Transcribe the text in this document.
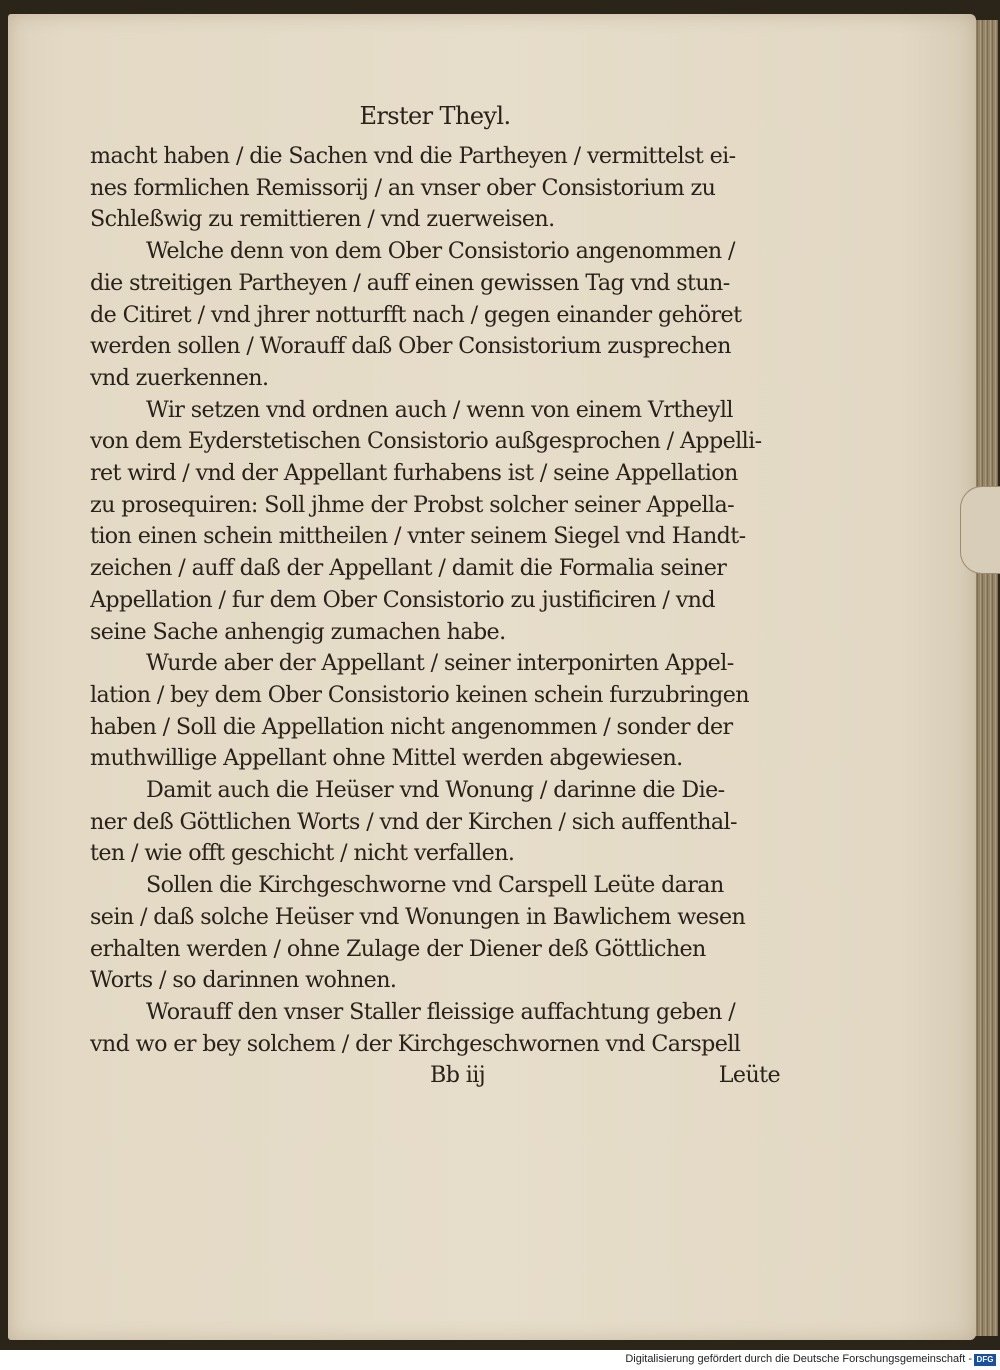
Erster Theyl.
macht haben / die Sachen vnd die Partheyen / vermittelst ei-
nes formlichen Remissorij / an vnser ober Consistorium zu
Schleßwig zu remittieren / vnd zuerweisen.
Welche denn von dem Ober Consistorio angenommen /
die streitigen Partheyen / auff einen gewissen Tag vnd stun-
de Citiret / vnd jhrer notturfft nach / gegen einander gehöret
werden sollen / Worauff daß Ober Consistorium zusprechen
vnd zuerkennen.
Wir setzen vnd ordnen auch / wenn von einem Vrtheyll
von dem Eyderstetischen Consistorio außgesprochen / Appelli-
ret wird / vnd der Appellant furhabens ist / seine Appellation
zu prosequiren: Soll jhme der Probst solcher seiner Appella-
tion einen schein mittheilen / vnter seinem Siegel vnd Handt-
zeichen / auff daß der Appellant / damit die Formalia seiner
Appellation / fur dem Ober Consistorio zu justificiren / vnd
seine Sache anhengig zumachen habe.
Wurde aber der Appellant / seiner interponirten Appel-
lation / bey dem Ober Consistorio keinen schein furzubringen
haben / Soll die Appellation nicht angenommen / sonder der
muthwillige Appellant ohne Mittel werden abgewiesen.
Damit auch die Heüser vnd Wonung / darinne die Die-
ner deß Göttlichen Worts / vnd der Kirchen / sich auffenthal-
ten / wie offt geschicht / nicht verfallen.
Sollen die Kirchgeschworne vnd Carspell Leüte daran
sein / daß solche Heüser vnd Wonungen in Bawlichem wesen
erhalten werden / ohne Zulage der Diener deß Göttlichen
Worts / so darinnen wohnen.
Worauff den vnser Staller fleissige auffachtung geben /
vnd wo er bey solchem / der Kirchgeschwornen vnd Carspell
Bb iij	Leüte
Digitalisierung gefördert durch die Deutsche Forschungsgemeinschaft - DFG
